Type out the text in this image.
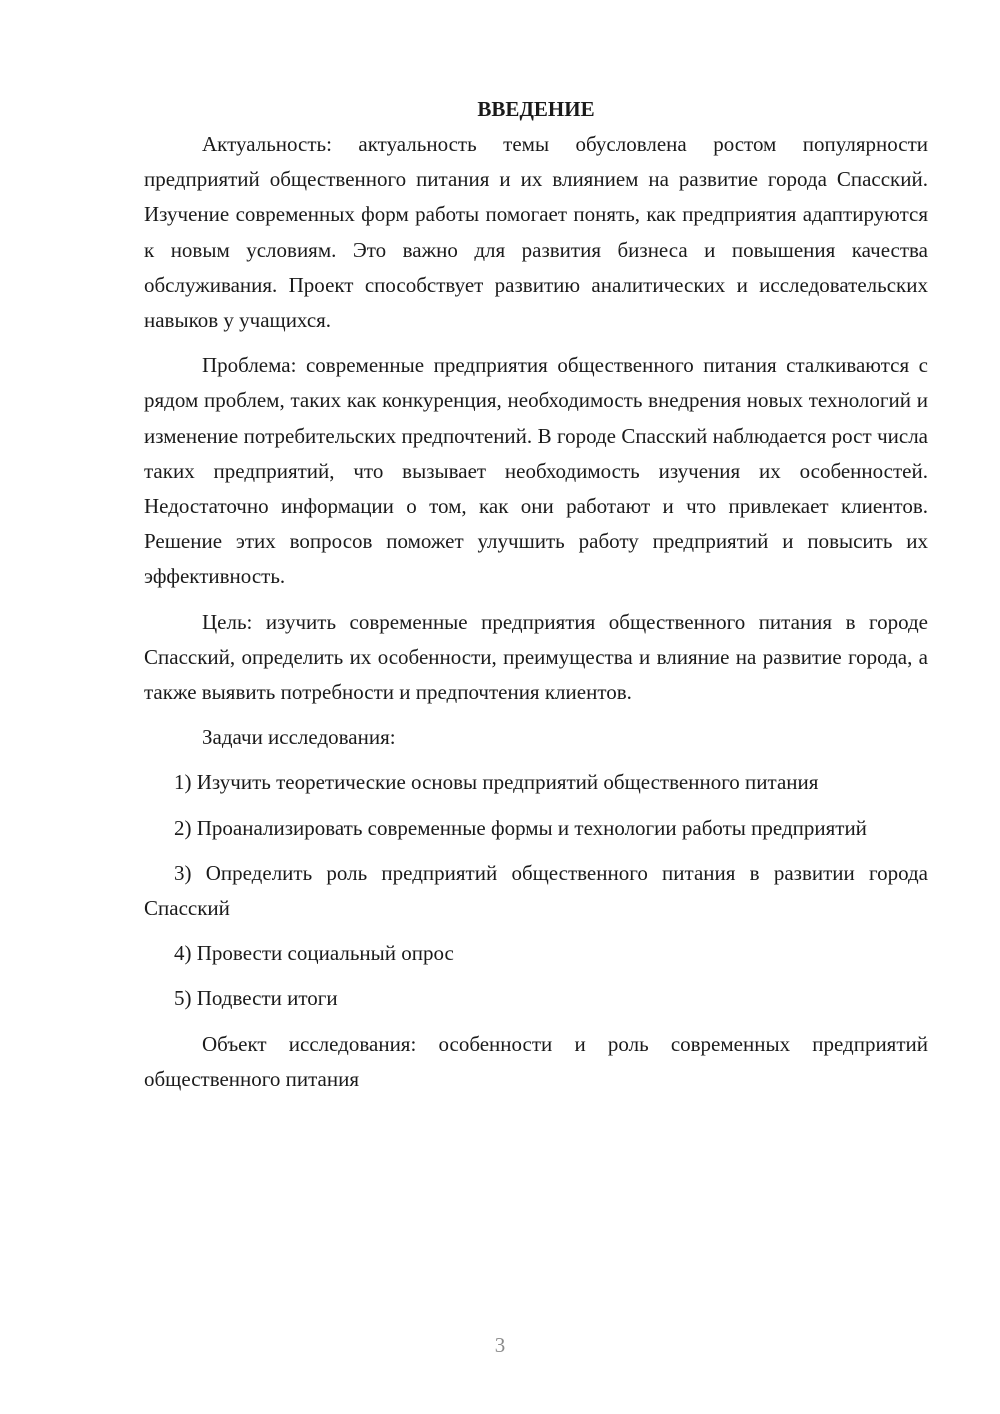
ВВЕДЕНИЕ

Актуальность: актуальность темы обусловлена ростом популярности предприятий общественного питания и их влиянием на развитие города Спасский. Изучение современных форм работы помогает понять, как предприятия адаптируются к новым условиям. Это важно для развития бизнеса и повышения качества обслуживания. Проект способствует развитию аналитических и исследовательских навыков у учащихся.

Проблема: современные предприятия общественного питания сталкиваются с рядом проблем, таких как конкуренция, необходимость внедрения новых технологий и изменение потребительских предпочтений. В городе Спасский наблюдается рост числа таких предприятий, что вызывает необходимость изучения их особенностей. Недостаточно информации о том, как они работают и что привлекает клиентов. Решение этих вопросов поможет улучшить работу предприятий и повысить их эффективность.

Цель: изучить современные предприятия общественного питания в городе Спасский, определить их особенности, преимущества и влияние на развитие города, а также выявить потребности и предпочтения клиентов.

Задачи исследования:

1) Изучить теоретические основы предприятий общественного питания

2) Проанализировать современные формы и технологии работы предприятий

3) Определить роль предприятий общественного питания в развитии города Спасский

4) Провести социальный опрос

5) Подвести итоги

Объект исследования: особенности и роль современных предприятий общественного питания

3
